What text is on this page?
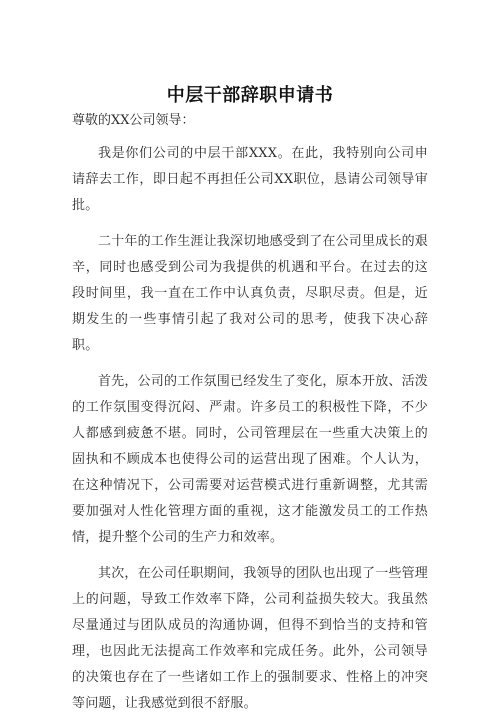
中层干部辞职申请书

尊敬的XX公司领导：

我是你们公司的中层干部XXX。在此，我特别向公司申请辞去工作，即日起不再担任公司XX职位，恳请公司领导审批。

二十年的工作生涯让我深切地感受到了在公司里成长的艰辛，同时也感受到公司为我提供的机遇和平台。在过去的这段时间里，我一直在工作中认真负责，尽职尽责。但是，近期发生的一些事情引起了我对公司的思考，使我下决心辞职。

首先，公司的工作氛围已经发生了变化，原本开放、活泼的工作氛围变得沉闷、严肃。许多员工的积极性下降，不少人都感到疲惫不堪。同时，公司管理层在一些重大决策上的固执和不顾成本也使得公司的运营出现了困难。个人认为，在这种情况下，公司需要对运营模式进行重新调整，尤其需要加强对人性化管理方面的重视，这才能激发员工的工作热情，提升整个公司的生产力和效率。

其次，在公司任职期间，我领导的团队也出现了一些管理上的问题，导致工作效率下降，公司利益损失较大。我虽然尽量通过与团队成员的沟通协调，但得不到恰当的支持和管理，也因此无法提高工作效率和完成任务。此外，公司领导的决策也存在了一些诸如工作上的强制要求、性格上的冲突等问题，让我感觉到很不舒服。
